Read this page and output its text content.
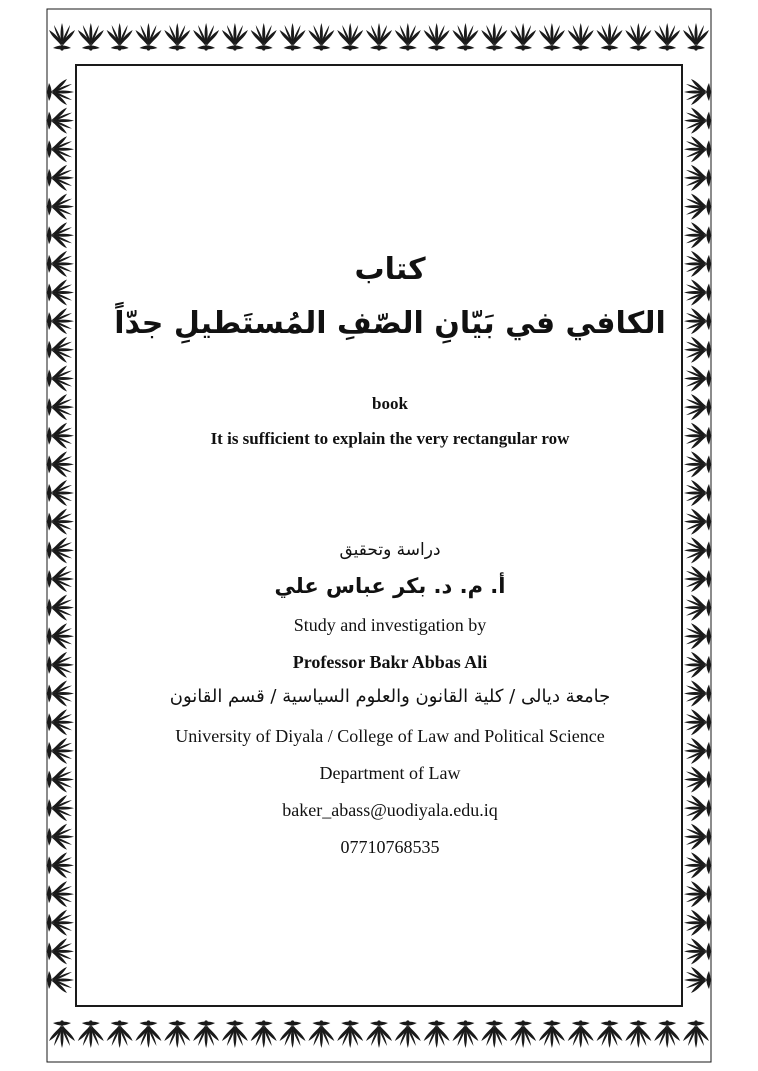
كتاب
الكافي في بَيّانِ الصّفِ المُستَطيلِ جدّاً
book
It is sufficient to explain the very rectangular row
دراسة وتحقيق
أ. م. د. بكر عباس علي
Study and investigation by
Professor Bakr Abbas Ali
جامعة ديالى / كلية القانون والعلوم السياسية / قسم القانون
University of Diyala / College of Law and Political Science
Department of Law
baker_abass@uodiyala.edu.iq
07710768535
